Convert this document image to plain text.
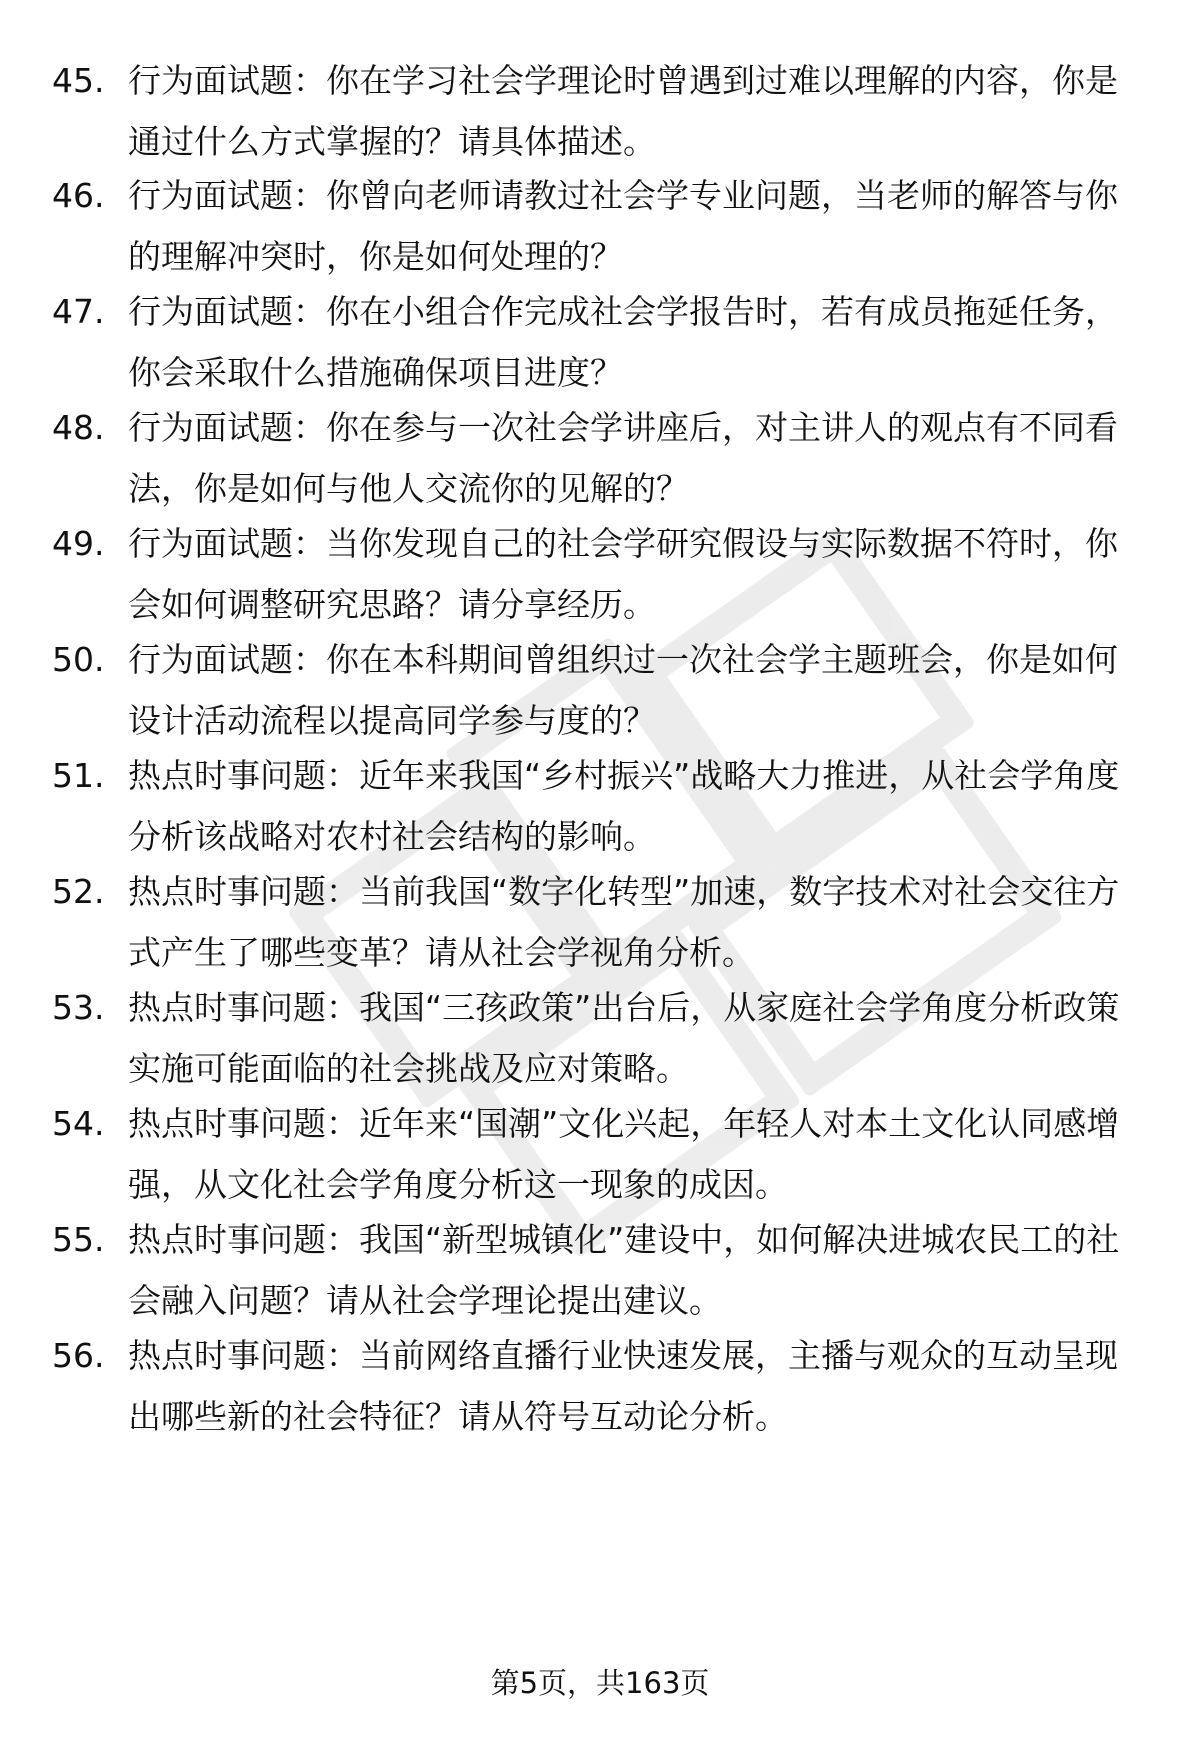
45. 行为面试题：你在学习社会学理论时曾遇到过难以理解的内容，你是通过什么方式掌握的？请具体描述。
46. 行为面试题：你曾向老师请教过社会学专业问题，当老师的解答与你的理解冲突时，你是如何处理的？
47. 行为面试题：你在小组合作完成社会学报告时，若有成员拖延任务，你会采取什么措施确保项目进度？
48. 行为面试题：你在参与一次社会学讲座后，对主讲人的观点有不同看法，你是如何与他人交流你的见解的？
49. 行为面试题：当你发现自己的社会学研究假设与实际数据不符时，你会如何调整研究思路？请分享经历。
50. 行为面试题：你在本科期间曾组织过一次社会学主题班会，你是如何设计活动流程以提高同学参与度的？
51. 热点时事问题：近年来我国“乡村振兴”战略大力推进，从社会学角度分析该战略对农村社会结构的影响。
52. 热点时事问题：当前我国“数字化转型”加速，数字技术对社会交往方式产生了哪些变革？请从社会学视角分析。
53. 热点时事问题：我国“三孩政策”出台后，从家庭社会学角度分析政策实施可能面临的社会挑战及应对策略。
54. 热点时事问题：近年来“国潮”文化兴起，年轻人对本土文化认同感增强，从文化社会学角度分析这一现象的成因。
55. 热点时事问题：我国“新型城镇化”建设中，如何解决进城农民工的社会融入问题？请从社会学理论提出建议。
56. 热点时事问题：当前网络直播行业快速发展，主播与观众的互动呈现出哪些新的社会特征？请从符号互动论分析。
第5页，共163页
